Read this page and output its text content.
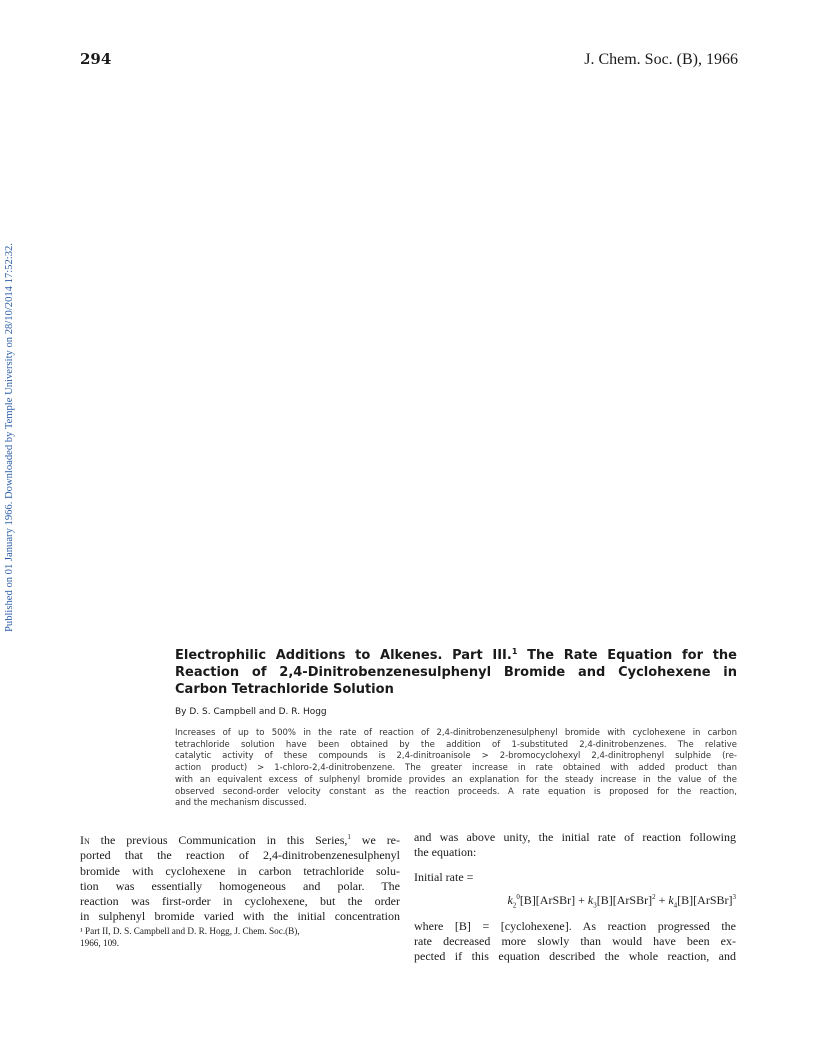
294	J. Chem. Soc. (B), 1966
Published on 01 January 1966. Downloaded by Temple University on 28/10/2014 17:52:32.
Electrophilic Additions to Alkenes. Part III.$^1$ The Rate Equation for the
Reaction of 2,4-Dinitrobenzenesulphenyl Bromide and Cyclohexene in
Carbon Tetrachloride Solution
By D. S. Campbell and D. R. Hogg
Increases of up to 500% in the rate of reaction of 2,4-dinitrobenzenesulphenyl bromide with cyclohexene in carbon
tetrachloride solution have been obtained by the addition of 1-substituted 2,4-dinitrobenzenes. The relative
catalytic activity of these compounds is 2,4-dinitroanisole > 2-bromocyclohexyl 2,4-dinitrophenyl sulphide (re-
action product) > 1-chloro-2,4-dinitrobenzene. The greater increase in rate obtained with added product than
with an equivalent excess of sulphenyl bromide provides an explanation for the steady increase in the value of the
observed second-order velocity constant as the reaction proceeds. A rate equation is proposed for the reaction,
and the mechanism discussed.
In the previous Communication in this Series,$^1$ we re-
ported that the reaction of 2,4-dinitrobenzenesulphenyl
bromide with cyclohexene in carbon tetrachloride solu-
tion was essentially homogeneous and polar. The
reaction was first-order in cyclohexene, but the order
in sulphenyl bromide varied with the initial concentration
¹ Part II, D. S. Campbell and D. R. Hogg, J. Chem. Soc.(B),
1966, 109.
and was above unity, the initial rate of reaction following
the equation:
Initial rate =
$k_2^0[B][ArSBr]$ + $k_3[B][ArSBr]^2$ + $k_4[B][ArSBr]^3$
where [B] = [cyclohexene]. As reaction progressed the
rate decreased more slowly than would have been ex-
pected if this equation described the whole reaction, and
